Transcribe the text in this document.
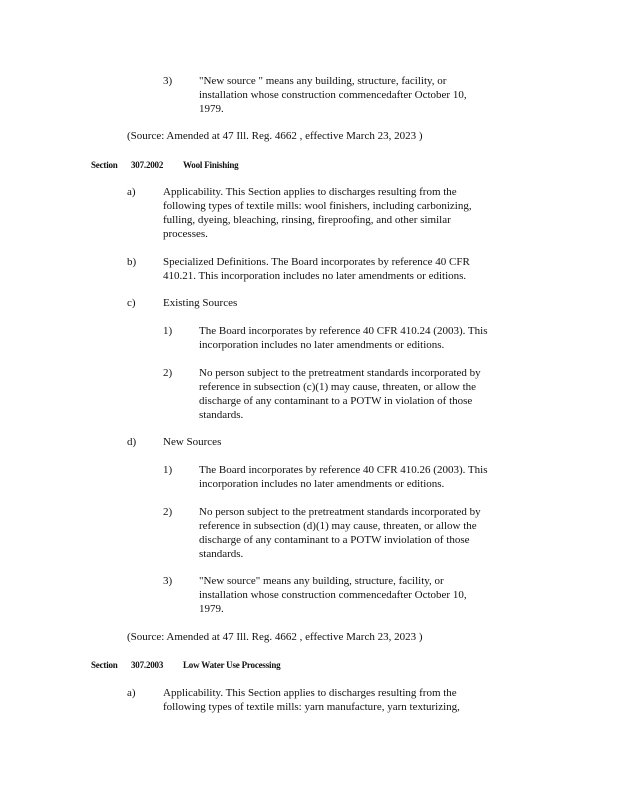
3) "New source " means any building, structure, facility, or
installation whose construction commencedafter October 10,
1979.
(Source: Amended at 47 Ill. Reg. 4662 , effective March 23, 2023 )
Section 307.2002 Wool Finishing
a) Applicability. This Section applies to discharges resulting from the
following types of textile mills: wool finishers, including carbonizing,
fulling, dyeing, bleaching, rinsing, fireproofing, and other similar
processes.
b) Specialized Definitions. The Board incorporates by reference 40 CFR
410.21. This incorporation includes no later amendments or editions.
c) Existing Sources
1) The Board incorporates by reference 40 CFR 410.24 (2003). This
incorporation includes no later amendments or editions.
2) No person subject to the pretreatment standards incorporated by
reference in subsection (c)(1) may cause, threaten, or allow the
discharge of any contaminant to a POTW in violation of those
standards.
d) New Sources
1) The Board incorporates by reference 40 CFR 410.26 (2003). This
incorporation includes no later amendments or editions.
2) No person subject to the pretreatment standards incorporated by
reference in subsection (d)(1) may cause, threaten, or allow the
discharge of any contaminant to a POTW inviolation of those
standards.
3) "New source" means any building, structure, facility, or
installation whose construction commencedafter October 10,
1979.
(Source: Amended at 47 Ill. Reg. 4662 , effective March 23, 2023 )
Section 307.2003 Low Water Use Processing
a) Applicability. This Section applies to discharges resulting from the
following types of textile mills: yarn manufacture, yarn texturizing,
